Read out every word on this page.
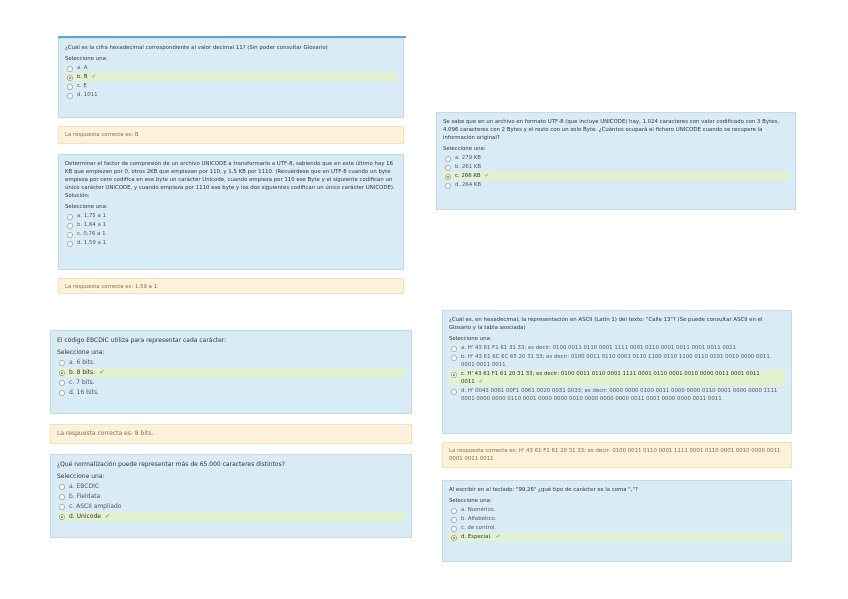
¿Cuál es la cifra hexadecimal correspondiente al valor decimal 11? (Sin poder consultar Glosario)
Seleccione una:
a. A
b. B ✔
c. E
d. 1011
La respuesta correcta es: B
Determinar el factor de compresión de un archivo UNICODE a transformarlo a UTF-8, sabiendo que en este último hay 16 KB que empiezan por 0, otros 2KB que empiezan por 110, y 1,5 KB por 1110. (Recuérdese que en UTF-8 cuando un byte empieza por cero codifica en ese byte un carácter Unicode, cuando empieza por 110 ese Byte y el siguiente codifican un único carácter UNICODE, y cuando empieza por 1110 ese byte y los dos siguientes codifican un único carácter UNICODE). Solución:
Seleccione una:
a. 1,75 a 1
b. 1,64 a 1
c. 0,76 a 1
d. 1,59 a 1
La respuesta correcta es: 1,59 a 1
Se sabe que en un archivo en formato UTF-8 (que incluye UNICODE) hay, 1.024 caracteres con valor codificado con 3 Bytes, 4.096 caracteres con 2 Bytes y el resto con un solo Byte. ¿Cuántos ocupará el fichero UNICODE cuando se recupere la información original?
Seleccione una:
a. 279 KB
b. 261 KB
c. 266 KB ✔
d. 264 KB
El código EBCDIC utiliza para representar cada carácter:
Seleccione una:
a. 6 bits.
b. 8 bits. ✔
c. 7 bits.
d. 16 bits.
La respuesta correcta es: 8 bits.
¿Qué normalización puede representar más de 65.000 caracteres distintos?
Seleccione una:
a. EBCDIC
b. Fieldata
c. ASCII ampliado
d. Unicode ✔
¿Cuál es, en hexadecimal, la representación en ASCII (Latín 1) del texto: "Calle 13"? (Se puede consultar ASCII en el Glosario y la tabla asociada)
Seleccione una:
a. H' 43 61 F1 61 31 33; es decir: 0100 0011 0110 0001 1111 0001 0110 0001 0011 0001 0011 0011
b. H' 43 61 6C 6C 65 20 31 33; es decir: 0100 0011 0110 0001 0110 1100 0110 1100 0110 0101 0010 0000 0011 0001 0011 0011
c. H' 43 61 F1 61 20 31 33; es decir: 0100 0011 0110 0001 1111 0001 0110 0001 0010 0000 0011 0001 0011 0011 ✔
d. H' 0043 0061 00F1 0061 0020 0031 0033; es decir: 0000 0000 0100 0011 0000 0000 0110 0001 0000 0000 1111 0001 0000 0000 0110 0001 0000 0000 0010 0000 0000 0000 0011 0001 0000 0000 0011 0011
La respuesta correcta es: H' 43 61 F1 61 20 31 33; es decir: 0100 0011 0110 0001 1111 0001 0110 0001 0010 0000 0011 0001 0011 0011
Al escribir en el teclado: "99,26" ¿qué tipo de carácter es la coma ","?
Seleccione una:
a. Numérico.
b. Alfabético.
c. de control.
d. Especial. ✔
